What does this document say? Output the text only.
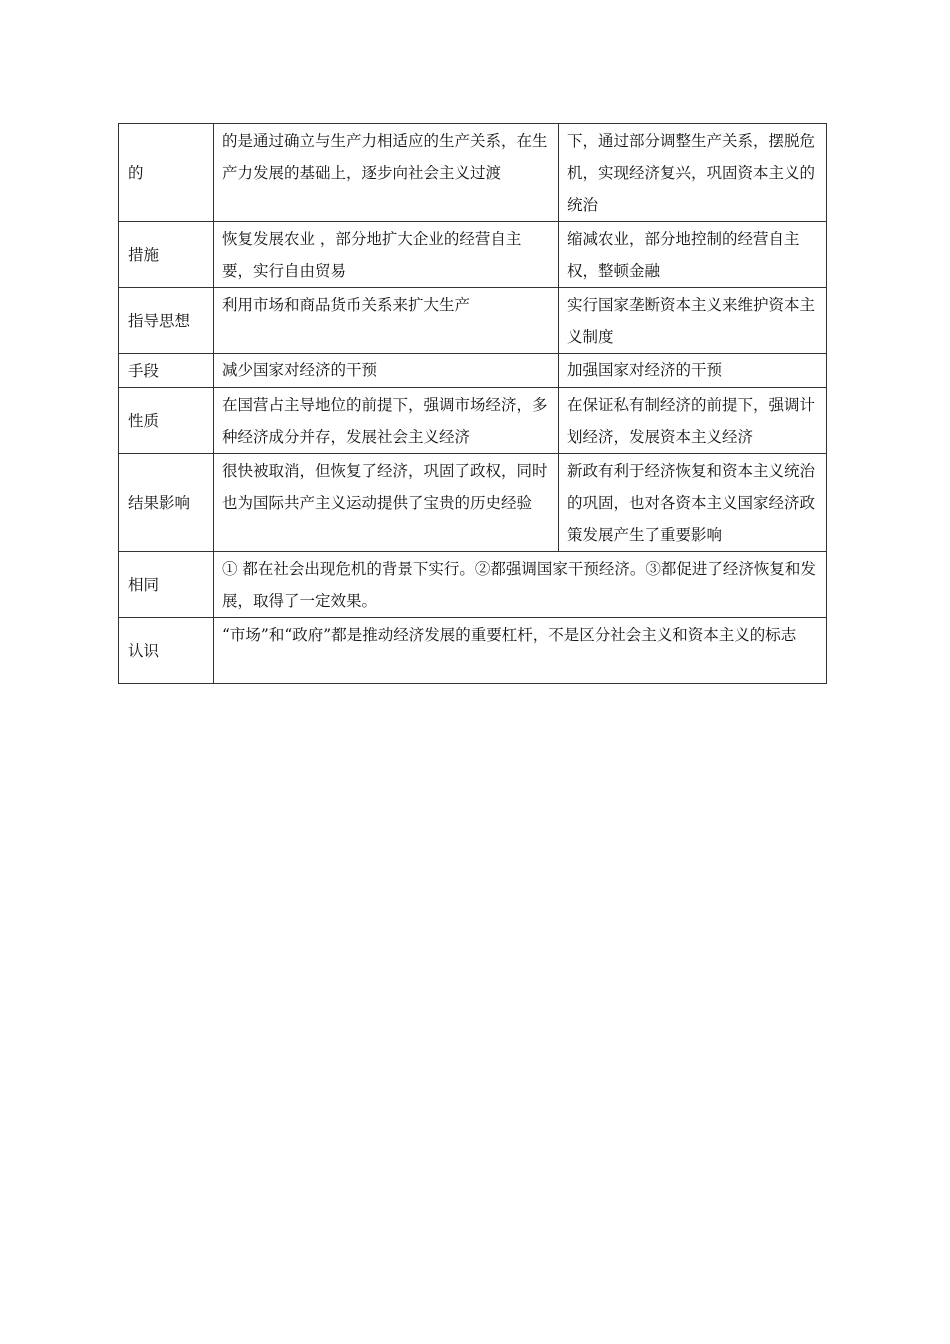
的	的是通过确立与生产力相适应的生产关系，在生产力发展的基础上，逐步向社会主义过渡	下，通过部分调整生产关系，摆脱危机，实现经济复兴，巩固资本主义的统治

措施	恢复发展农业 ，部分地扩大企业的经营自主要，实行自由贸易	缩减农业，部分地控制的经营自主权，整顿金融

指导思想	利用市场和商品货币关系来扩大生产	实行国家垄断资本主义来维护资本主义制度

手段	减少国家对经济的干预	加强国家对经济的干预

性质	在国营占主导地位的前提下，强调市场经济，多种经济成分并存，发展社会主义经济	在保证私有制经济的前提下，强调计划经济，发展资本主义经济

结果影响	很快被取消，但恢复了经济，巩固了政权，同时也为国际共产主义运动提供了宝贵的历史经验	新政有利于经济恢复和资本主义统治的巩固，也对各资本主义国家经济政策发展产生了重要影响

相同	① 都在社会出现危机的背景下实行。②都强调国家干预经济。③都促进了经济恢复和发展，取得了一定效果。	

认识	“市场”和“政府”都是推动经济发展的重要杠杆，不是区分社会主义和资本主义的标志	
